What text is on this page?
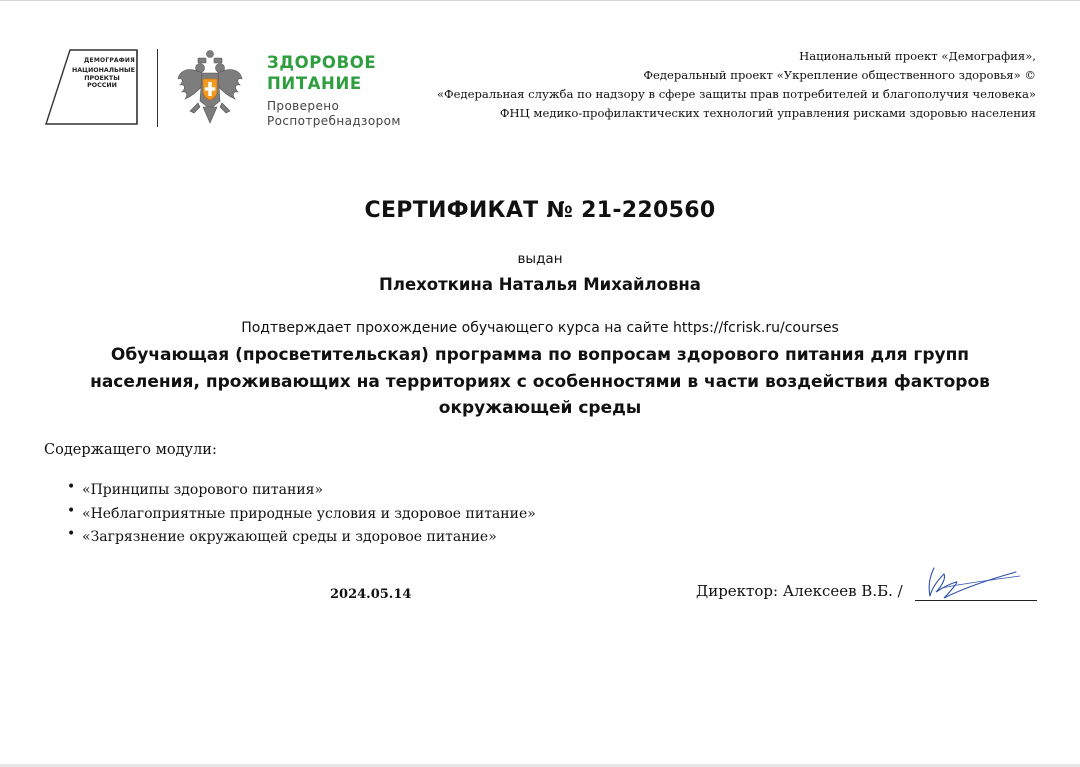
ДЕМОГРАФИЯ
НАЦИОНАЛЬНЫЕ
ПРОЕКТЫ
РОССИИ
ЗДОРОВОЕ
ПИТАНИЕ
Проверено
Роспотребнадзором
Национальный проект «Демография»,
Федеральный проект «Укрепление общественного здоровья» ©
«Федеральная служба по надзору в сфере защиты прав потребителей и благополучия человека»
ФНЦ медико-профилактических технологий управления рисками здоровью населения
СЕРТИФИКАТ № 21-220560
выдан
Плехоткина Наталья Михайловна
Подтверждает прохождение обучающего курса на сайте https://fcrisk.ru/courses
Обучающая (просветительская) программа по вопросам здорового питания для групп
населения, проживающих на территориях с особенностями в части воздействия факторов
окружающей среды
Содержащего модули:
• «Принципы здорового питания»
• «Неблагоприятные природные условия и здоровое питание»
• «Загрязнение окружающей среды и здоровое питание»
2024.05.14	Директор: Алексеев В.Б. /
